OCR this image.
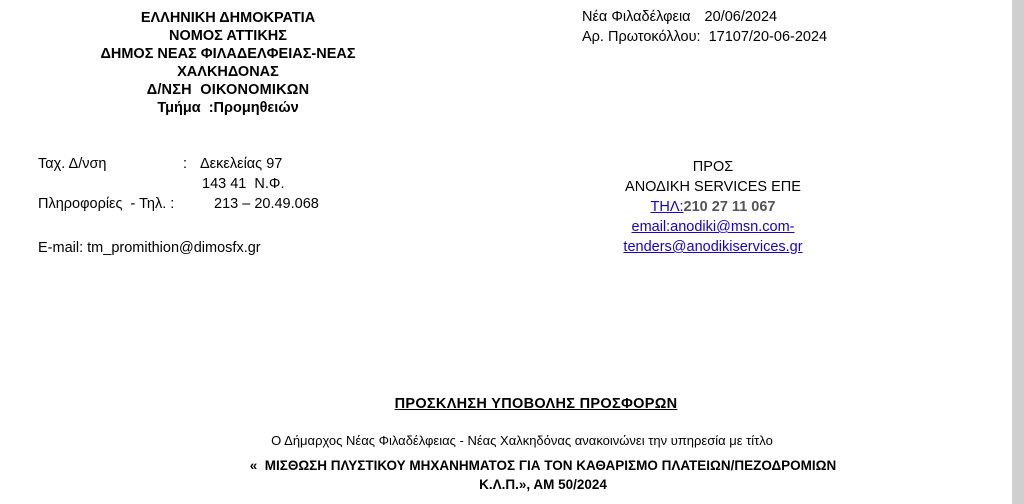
ΕΛΛΗΝΙΚΗ ΔΗΜΟΚΡΑΤΙΑ
ΝΟΜΟΣ ΑΤΤΙΚΗΣ
ΔΗΜΟΣ ΝΕΑΣ ΦΙΛΑΔΕΛΦΕΙΑΣ-ΝΕΑΣ
ΧΑΛΚΗΔΟΝΑΣ
Δ/ΝΣΗ  ΟΙΚΟΝΟΜΙΚΩΝ
Τμήμα  :Προμηθειών
Νέα Φιλαδέλφεια 20/06/2024
Αρ. Πρωτοκόλλου: 17107/20-06-2024
Ταχ. Δ/νση	: Δεκελείας 97
143 41  Ν.Φ.
Πληροφορίες  - Τηλ. :	213 – 20.49.068
E-mail: tm_promithion@dimosfx.gr
ΠΡΟΣ
ΑΝΟΔΙΚΗ SERVICES ΕΠΕ
ΤΗΛ:210 27 11 067
email:anodiki@msn.com-
tenders@anodikiservices.gr
ΠΡΟΣΚΛΗΣΗ ΥΠΟΒΟΛΗΣ ΠΡΟΣΦΟΡΩΝ
Ο Δήμαρχος Νέας Φιλαδέλφειας - Νέας Χαλκηδόνας ανακοινώνει την υπηρεσία με τίτλο
«  ΜΙΣΘΩΣΗ ΠΛΥΣΤΙΚΟΥ ΜΗΧΑΝΗΜΑΤΟΣ ΓΙΑ ΤΟΝ ΚΑΘΑΡΙΣΜΟ ΠΛΑΤΕΙΩΝ/ΠΕΖΟΔΡΟΜΙΩΝ
Κ.Λ.Π.», ΑΜ 50/2024
